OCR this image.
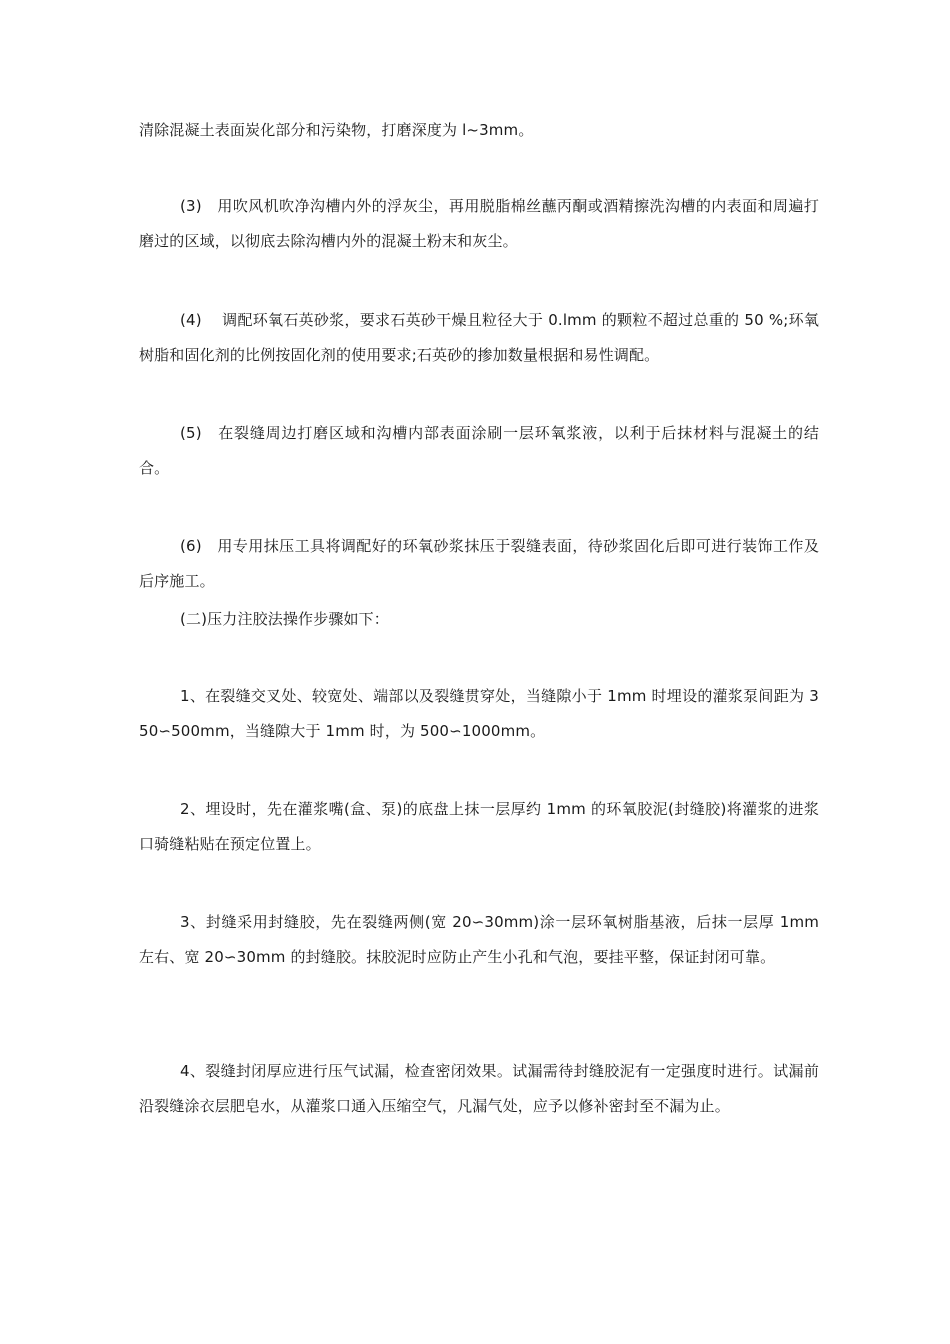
清除混凝土表面炭化部分和污染物，打磨深度为 l~3mm。

(3)　用吹风机吹净沟槽内外的浮灰尘，再用脱脂棉丝蘸丙酮或酒精擦洗沟槽的内表面和周遍打磨过的区域，以彻底去除沟槽内外的混凝土粉末和灰尘。

(4)　 调配环氧石英砂浆，要求石英砂干燥且粒径大于 0.lmm 的颗粒不超过总重的 50 %;环氧树脂和固化剂的比例按固化剂的使用要求;石英砂的掺加数量根据和易性调配。

(5)　在裂缝周边打磨区域和沟槽内部表面涂刷一层环氧浆液，以利于后抹材料与混凝土的结合。

(6)　用专用抹压工具将调配好的环氧砂浆抹压于裂缝表面，待砂浆固化后即可进行装饰工作及后序施工。

(二)压力注胶法操作步骤如下：

1、在裂缝交叉处、较宽处、端部以及裂缝贯穿处，当缝隙小于 1mm 时埋设的灌浆泵间距为 350∽500mm，当缝隙大于 1mm 时，为 500∽1000mm。

2、埋设时，先在灌浆嘴(盒、泵)的底盘上抹一层厚约 1mm 的环氧胶泥(封缝胶)将灌浆的进浆口骑缝粘贴在预定位置上。

3、封缝采用封缝胶，先在裂缝两侧(宽 20∽30mm)涂一层环氧树脂基液，后抹一层厚 1mm 左右、宽 20∽30mm 的封缝胶。抹胶泥时应防止产生小孔和气泡，要挂平整，保证封闭可靠。

4、裂缝封闭厚应进行压气试漏，检查密闭效果。试漏需待封缝胶泥有一定强度时进行。试漏前沿裂缝涂衣层肥皂水，从灌浆口通入压缩空气，凡漏气处，应予以修补密封至不漏为止。
